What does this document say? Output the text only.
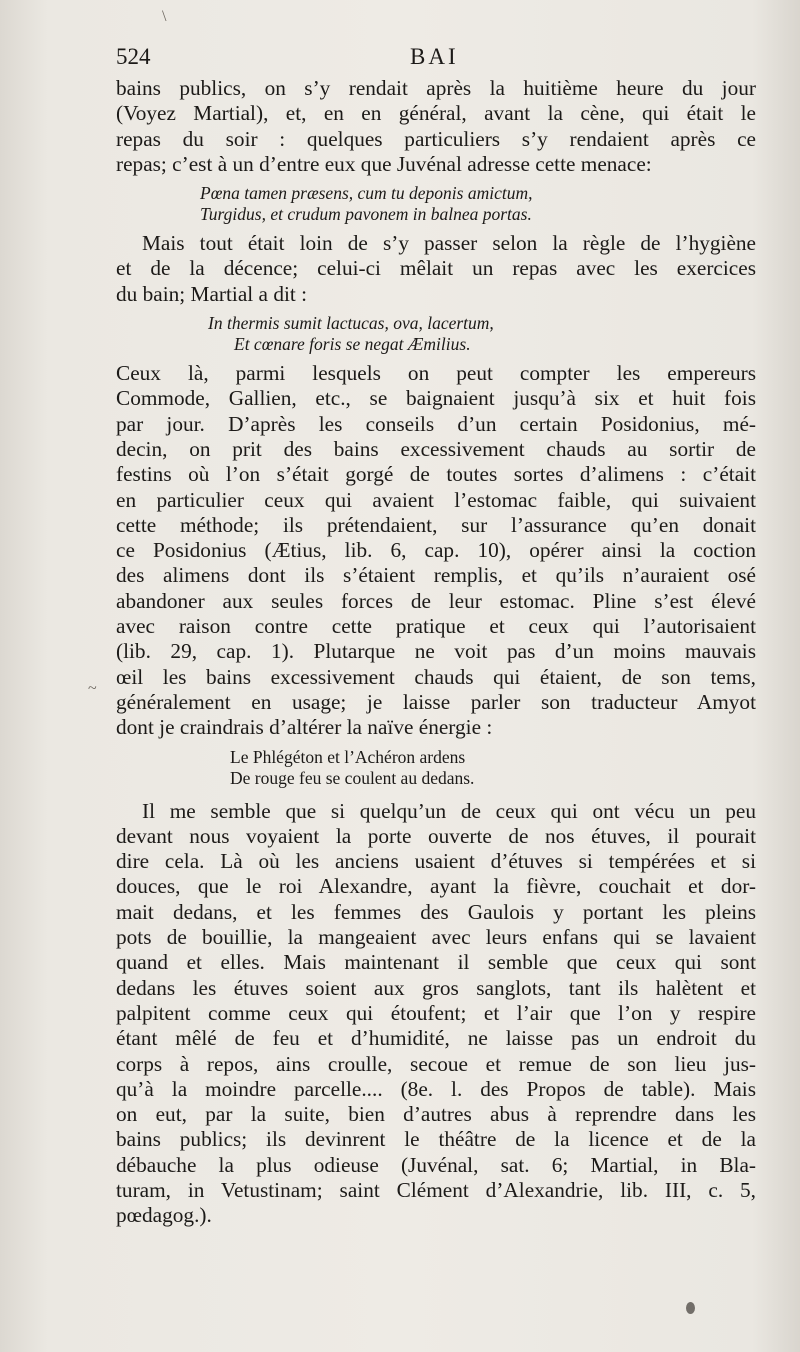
524	BAI

bains publics, on s’y rendait après la huitième heure du jour

(Voyez Martial), et, en en général, avant la cène, qui était le

repas du soir : quelques particuliers s’y rendaient après ce

repas; c’est à un d’entre eux que Juvénal adresse cette menace:

Pœna tamen præsens, cum tu deponis amictum,
Turgidus, et crudum pavonem in balnea portas.

Mais tout était loin de s’y passer selon la règle de l’hygiène

et de la décence; celui-ci mêlait un repas avec les exercices

du bain; Martial a dit :

In thermis sumit lactucas, ova, lacertum,
Et cœnare foris se negat Æmilius.

Ceux là, parmi lesquels on peut compter les empereurs

Commode, Gallien, etc., se baignaient jusqu’à six et huit fois

par jour. D’après les conseils d’un certain Posidonius, mé-

decin, on prit des bains excessivement chauds au sortir de

festins où l’on s’était gorgé de toutes sortes d’alimens : c’était

en particulier ceux qui avaient l’estomac faible, qui suivaient

cette méthode; ils prétendaient, sur l’assurance qu’en donait

ce Posidonius (Ætius, lib. 6, cap. 10), opérer ainsi la coction

des alimens dont ils s’étaient remplis, et qu’ils n’auraient osé

abandoner aux seules forces de leur estomac. Pline s’est élevé

avec raison contre cette pratique et ceux qui l’autorisaient

(lib. 29, cap. 1). Plutarque ne voit pas d’un moins mauvais

œil les bains excessivement chauds qui étaient, de son tems,

généralement en usage; je laisse parler son traducteur Amyot

dont je craindrais d’altérer la naïve énergie :

Le Phlégéton et l’Achéron ardens
De rouge feu se coulent au dedans.

Il me semble que si quelqu’un de ceux qui ont vécu un peu

devant nous voyaient la porte ouverte de nos étuves, il pourait

dire cela. Là où les anciens usaient d’étuves si tempérées et si

douces, que le roi Alexandre, ayant la fièvre, couchait et dor-

mait dedans, et les femmes des Gaulois y portant les pleins

pots de bouillie, la mangeaient avec leurs enfans qui se lavaient

quand et elles. Mais maintenant il semble que ceux qui sont

dedans les étuves soient aux gros sanglots, tant ils halètent et

palpitent comme ceux qui étoufent; et l’air que l’on y respire

étant mêlé de feu et d’humidité, ne laisse pas un endroit du

corps à repos, ains croulle, secoue et remue de son lieu jus-

qu’à la moindre parcelle.... (8e. l. des Propos de table). Mais

on eut, par la suite, bien d’autres abus à reprendre dans les

bains publics; ils devinrent le théâtre de la licence et de la

débauche la plus odieuse (Juvénal, sat. 6; Martial, in Bla-

turam, in Vetustinam; saint Clément d’Alexandrie, lib. III, c. 5,

pœdagog.).

\
~
